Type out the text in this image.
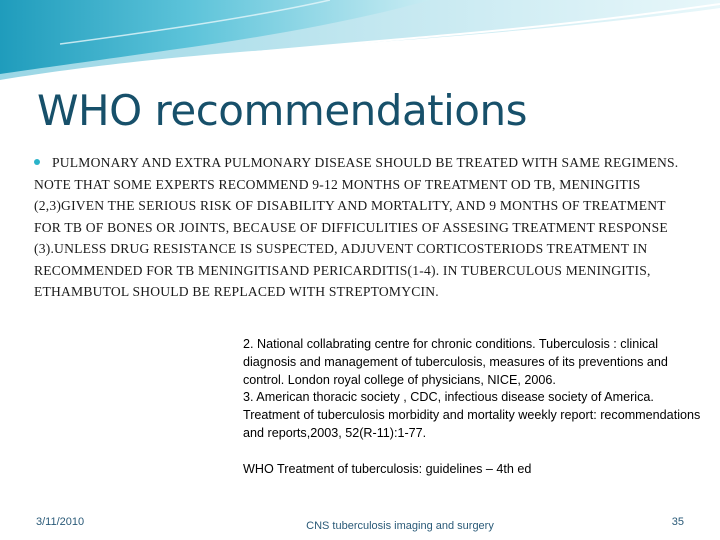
WHO recommendations
PULMONARY AND EXTRA PULMONARY DISEASE SHOULD BE TREATED WITH SAME REGIMENS. NOTE THAT SOME EXPERTS RECOMMEND 9-12 MONTHS OF TREATMENT OD TB, MENINGITIS (2,3)GIVEN THE SERIOUS RISK OF DISABILITY AND MORTALITY, AND 9 MONTHS OF TREATMENT FOR TB OF BONES OR JOINTS, BECAUSE OF DIFFICULITIES OF ASSESING TREATMENT RESPONSE (3).UNLESS DRUG RESISTANCE IS SUSPECTED, ADJUVENT CORTICOSTERIODS TREATMENT IN RECOMMENDED FOR TB MENINGITISAND PERICARDITIS(1-4). IN TUBERCULOUS MENINGITIS, ETHAMBUTOL SHOULD BE REPLACED WITH STREPTOMYCIN.

2. National collabrating centre for chronic conditions. Tuberculosis : clinical diagnosis and management of tuberculosis, measures of its preventions and control. London royal college of physicians, NICE, 2006.

3. American thoracic society , CDC, infectious disease society of America. Treatment of tuberculosis morbidity and mortality weekly report: recommendations and reports,2003, 52(R-11):1-77.

WHO Treatment of tuberculosis: guidelines – 4th ed

3/11/2010	CNS tuberculosis imaging and surgery	35
